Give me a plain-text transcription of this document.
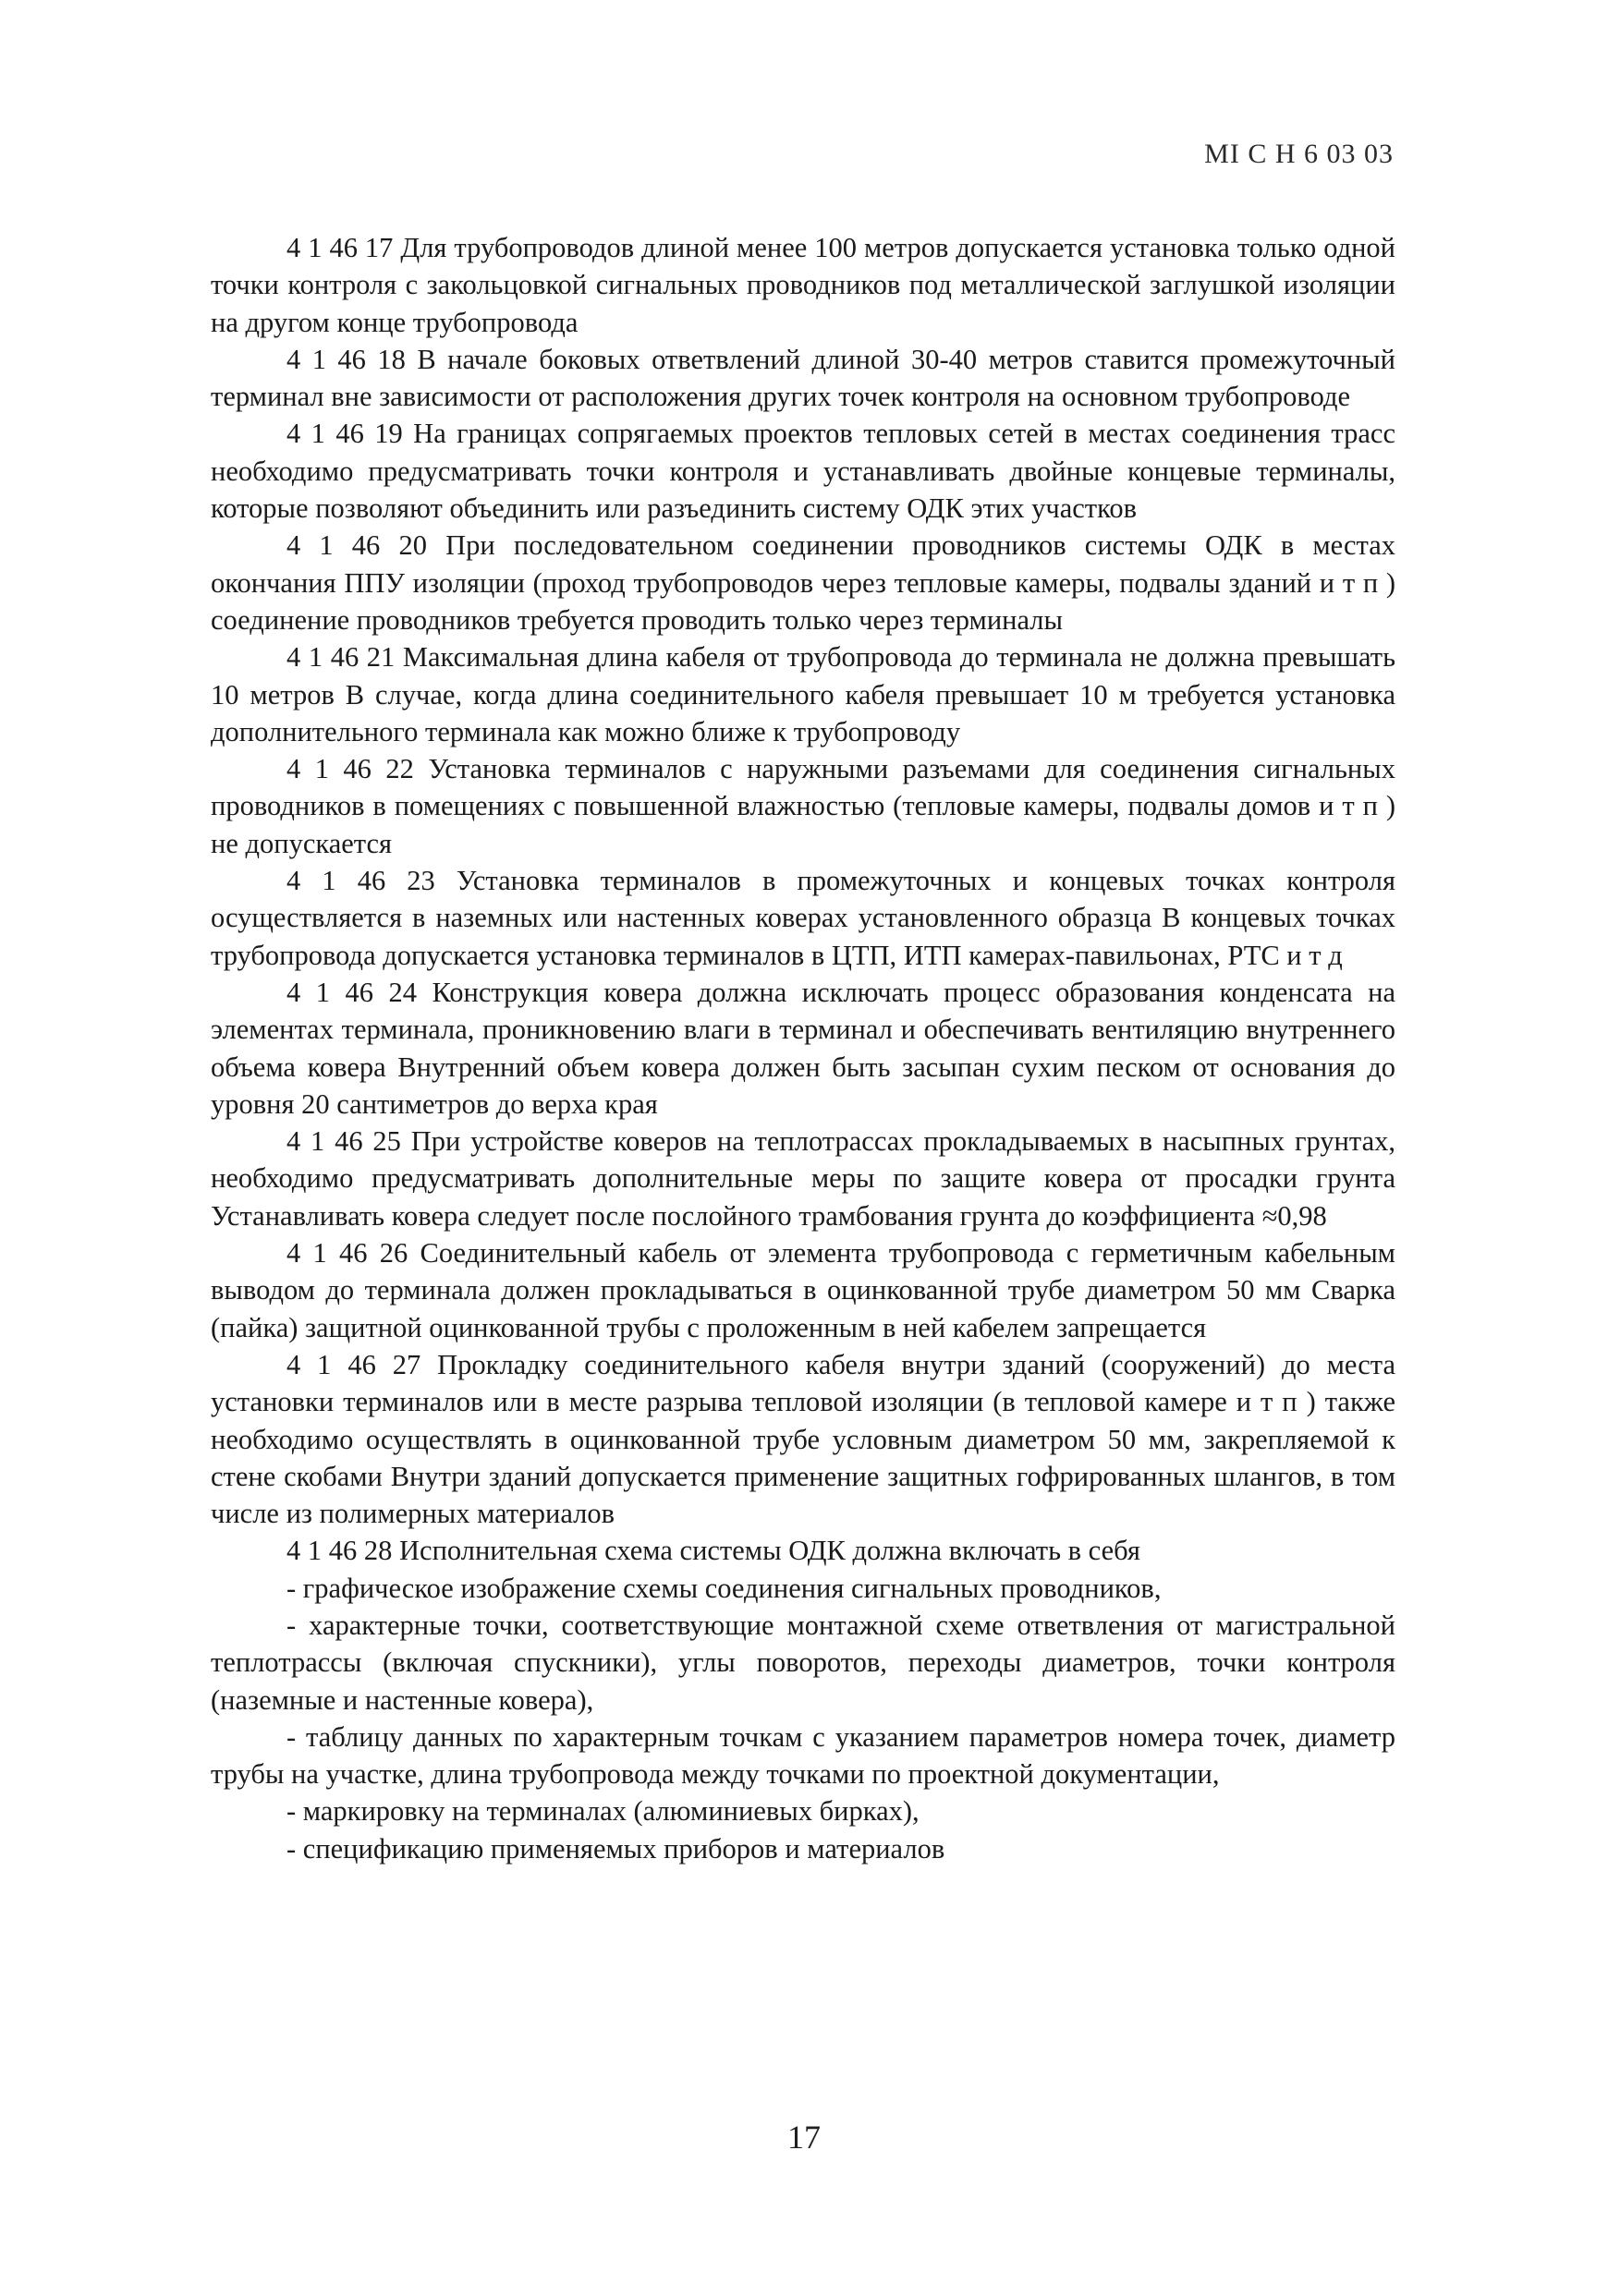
МІ С Н 6 03 03

4 1 46 17 Для трубопроводов длиной менее 100 метров допускается установка только одной точки контроля с закольцовкой сигнальных проводников под металлической заглушкой изоляции на другом конце трубопровода

4 1 46 18 В начале боковых ответвлений длиной 30-40 метров ставится промежуточный терминал вне зависимости от расположения других точек контроля на основном трубопроводе

4 1 46 19 На границах сопрягаемых проектов тепловых сетей в местах соединения трасс необходимо предусматривать точки контроля и устанавливать двойные концевые терминалы, которые позволяют объединить или разъединить систему ОДК этих участков

4 1 46 20 При последовательном соединении проводников системы ОДК в местах окончания ППУ изоляции (проход трубопроводов через тепловые камеры, подвалы зданий и т п ) соединение проводников требуется проводить только через терминалы

4 1 46 21 Максимальная длина кабеля от трубопровода до терминала не должна превышать 10 метров В случае, когда длина соединительного кабеля превышает 10 м требуется установка дополнительного терминала как можно ближе к трубопроводу

4 1 46 22 Установка терминалов с наружными разъемами для соединения сигнальных проводников в помещениях с повышенной влажностью (тепловые камеры, подвалы домов и т п ) не допускается

4 1 46 23 Установка терминалов в промежуточных и концевых точках контроля осуществляется в наземных или настенных коверах установленного образца В концевых точках трубопровода допускается установка терминалов в ЦТП, ИТП камерах-павильонах, РТС и т д

4 1 46 24 Конструкция ковера должна исключать процесс образования конденсата на элементах терминала, проникновению влаги в терминал и обеспечивать вентиляцию внутреннего объема ковера Внутренний объем ковера должен быть засыпан сухим песком от основания до уровня 20 сантиметров до верха края

4 1 46 25 При устройстве коверов на теплотрассах прокладываемых в насыпных грунтах, необходимо предусматривать дополнительные меры по защите ковера от просадки грунта Устанавливать ковера следует после послойного трамбования грунта до коэффициента ≈0,98

4 1 46 26 Соединительный кабель от элемента трубопровода с герметичным кабельным выводом до терминала должен прокладываться в оцинкованной трубе диаметром 50 мм Сварка (пайка) защитной оцинкованной трубы с проложенным в ней кабелем запрещается

4 1 46 27 Прокладку соединительного кабеля внутри зданий (сооружений) до места установки терминалов или в месте разрыва тепловой изоляции (в тепловой камере и т п ) также необходимо осуществлять в оцинкованной трубе условным диаметром 50 мм, закрепляемой к стене скобами Внутри зданий допускается применение защитных гофрированных шлангов, в том числе из полимерных материалов

4 1 46 28 Исполнительная схема системы ОДК должна включать в себя

- графическое изображение схемы соединения сигнальных проводников,

- характерные точки, соответствующие монтажной схеме ответвления от магистральной теплотрассы (включая спускники), углы поворотов, переходы диаметров, точки контроля (наземные и настенные ковера),

- таблицу данных по характерным точкам с указанием параметров номера точек, диаметр трубы на участке, длина трубопровода между точками по проектной документации,

- маркировку на терминалах (алюминиевых бирках),

- спецификацию применяемых приборов и материалов

17
